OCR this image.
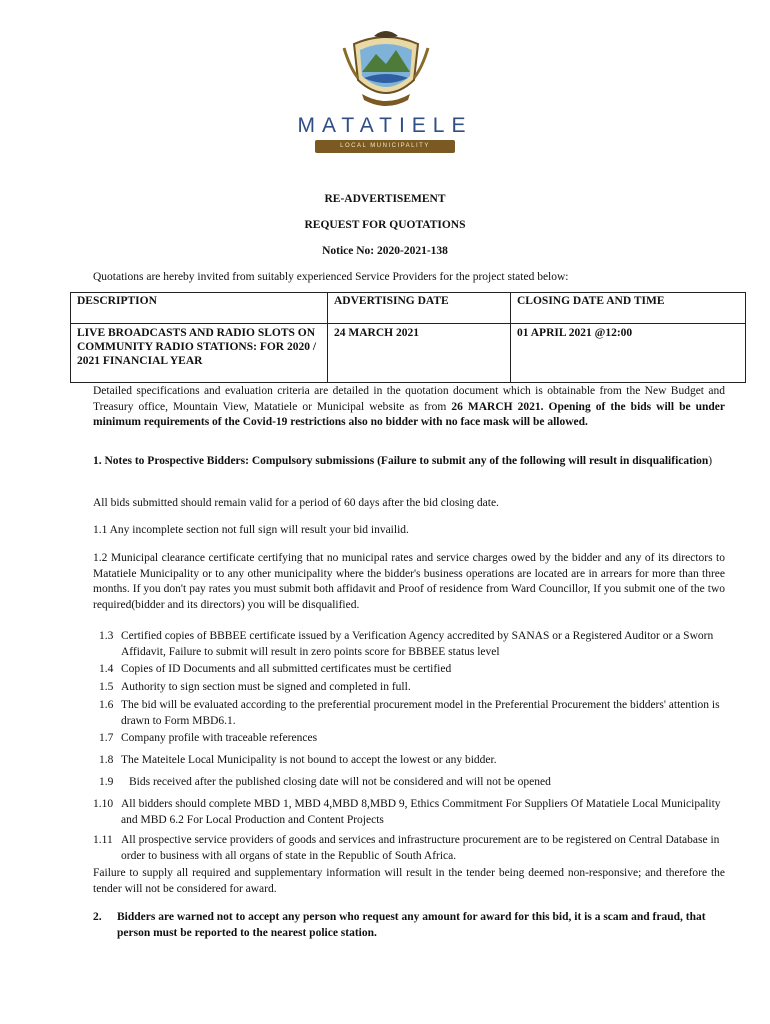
MATATIELE
LOCAL MUNICIPALITY
RE-ADVERTISEMENT
REQUEST FOR QUOTATIONS
Notice No: 2020-2021-138
Quotations are hereby invited from suitably experienced Service Providers for the project stated below:
DESCRIPTION	ADVERTISING DATE	CLOSING DATE AND TIME
LIVE BROADCASTS AND RADIO SLOTS ON COMMUNITY RADIO STATIONS: FOR 2020 / 2021 FINANCIAL YEAR	24 MARCH 2021	01 APRIL 2021 @12:00
Detailed specifications and evaluation criteria are detailed in the quotation document which is obtainable from the New Budget and Treasury office, Mountain View, Matatiele or Municipal website as from 26 MARCH 2021. Opening of the bids will be under minimum requirements of the Covid-19 restrictions also no bidder with no face mask will be allowed.
1. Notes to Prospective Bidders: Compulsory submissions (Failure to submit any of the following will result in disqualification)
All bids submitted should remain valid for a period of 60 days after the bid closing date.
1.1 Any incomplete section not full sign will result your bid invailid.
1.2 Municipal clearance certificate certifying that no municipal rates and service charges owed by the bidder and any of its directors to Matatiele Municipality or to any other municipality where the bidder's business operations are located are in arrears for more than three months. If you don't pay rates you must submit both affidavit and Proof of residence from Ward Councillor, If you submit one of the two required(bidder and its directors) you will be disqualified.
1.3 Certified copies of BBBEE certificate issued by a Verification Agency accredited by SANAS or a Registered Auditor or a Sworn Affidavit, Failure to submit will result in zero points score for BBBEE status level
1.4 Copies of ID Documents and all submitted certificates must be certified
1.5 Authority to sign section must be signed and completed in full.
1.6 The bid will be evaluated according to the preferential procurement model in the Preferential Procurement the bidders' attention is drawn to Form MBD6.1.
1.7 Company profile with traceable references
1.8 The Mateitele Local Municipality is not bound to accept the lowest or any bidder.
1.9	Bids received after the published closing date will not be considered and will not be opened
1.10 All bidders should complete MBD 1, MBD 4,MBD 8,MBD 9, Ethics Commitment For Suppliers Of Matatiele Local Municipality and MBD 6.2 For Local Production and Content Projects
1.11 All prospective service providers of goods and services and infrastructure procurement are to be registered on Central Database in order to business with all organs of state in the Republic of South Africa.
Failure to supply all required and supplementary information will result in the tender being deemed non-responsive; and therefore the tender will not be considered for award.
2.	Bidders are warned not to accept any person who request any amount for award for this bid, it is a scam and fraud, that person must be reported to the nearest police station.
